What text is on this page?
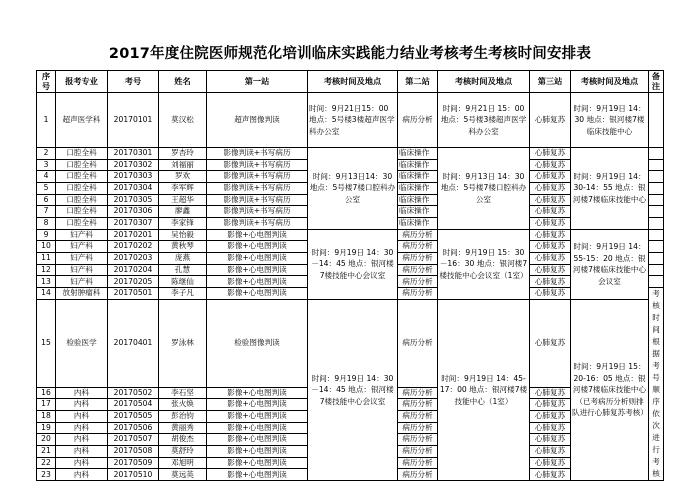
2017年度住院医师规范化培训临床实践能力结业考核考生考核时间安排表
序号	报考专业	考号	姓名	第一站	考核时间及地点	第二站	考核时间及地点	第三站	考核时间及地点	备注
1	超声医学科	20170101	莫汉松	超声图像判读	时间：9月21日15：00 地点：5号楼3楼超声医学科办公室	病历分析	时间：9月21日 15：00 地点：5号楼3楼超声医学科办公室	心肺复苏	时间：9月19日 14：30 地点：银河楼7楼临床技能中心	
2	口腔全科	20170301	罗杏玲	影像判读+书写病历	时间：9月13日14：30 地点：5号楼7楼口腔科办公室	临床操作	时间：9月13日 14：30 地点：5号楼7楼口腔科办公室	心肺复苏	时间：9月19日 14：30-14：55 地点：银河楼7楼临床技能中心	
3	口腔全科	20170302	刘福丽	影像判读+书写病历		临床操作		心肺复苏		
4	口腔全科	20170303	罗欢	影像判读+书写病历		临床操作		心肺复苏		
5	口腔全科	20170304	李军辉	影像判读+书写病历		临床操作		心肺复苏		
6	口腔全科	20170305	王超华	影像判读+书写病历		临床操作		心肺复苏		
7	口腔全科	20170306	廖鑫	影像判读+书写病历		临床操作		心肺复苏		
8	口腔全科	20170307	李家锋	影像判读+书写病历		临床操作		心肺复苏		
9	妇产科	20170201	吴怡毅	影像+心电图判读	时间：9月19日 14：30－14：45 地点：银河楼7楼技能中心会议室	病历分析	时间：9月19日 15：30－16：30 地点：银河楼7楼技能中心会议室（1室）	心肺复苏	时间：9月19日 14：55-15：20 地点：银河楼7楼临床技能中心会议室	
10	妇产科	20170202	黄秋琴	影像+心电图判读		病历分析		心肺复苏		
11	妇产科	20170203	庞燕	影像+心电图判读		病历分析		心肺复苏		
12	妇产科	20170204	孔慧	影像+心电图判读		病历分析		心肺复苏		
13	妇产科	20170205	陈继仙	影像+心电图判读		病历分析		心肺复苏		
14	放射肿瘤科	20170501	李子凡	影像+心电图判读		病历分析		心肺复苏		考核时间根据考号顺序依次进行考核
15	检验医学	20170401	罗泳林	检验图像判读	时间：9月19日 14：30－14：45 地点：银河楼7楼技能中心会议室	病历分析	时间：9月19日 14：45-17：00 地点：银河楼7楼技能中心（1室）	心肺复苏	时间：9月19日 15：20-16：05 地点：银河楼7楼临床技能中心（已考病历分析则排队进行心肺复苏考核）	
16	内科	20170502	李石坚	影像+心电图判读		病历分析		心肺复苏		
17	内科	20170504	张火焕	影像+心电图判读		病历分析		心肺复苏		
18	内科	20170505	彭治钧	影像+心电图判读		病历分析		心肺复苏		
19	内科	20170506	黄丽秀	影像+心电图判读		病历分析		心肺复苏		
20	内科	20170507	胡俊杰	影像+心电图判读		病历分析		心肺复苏		
21	内科	20170508	莫舒玲	影像+心电图判读		病历分析		心肺复苏		
22	内科	20170509	邓旭明	影像+心电图判读		病历分析		心肺复苏		
23	内科	20170510	莫远英	影像+心电图判读		病历分析		心肺复苏		
